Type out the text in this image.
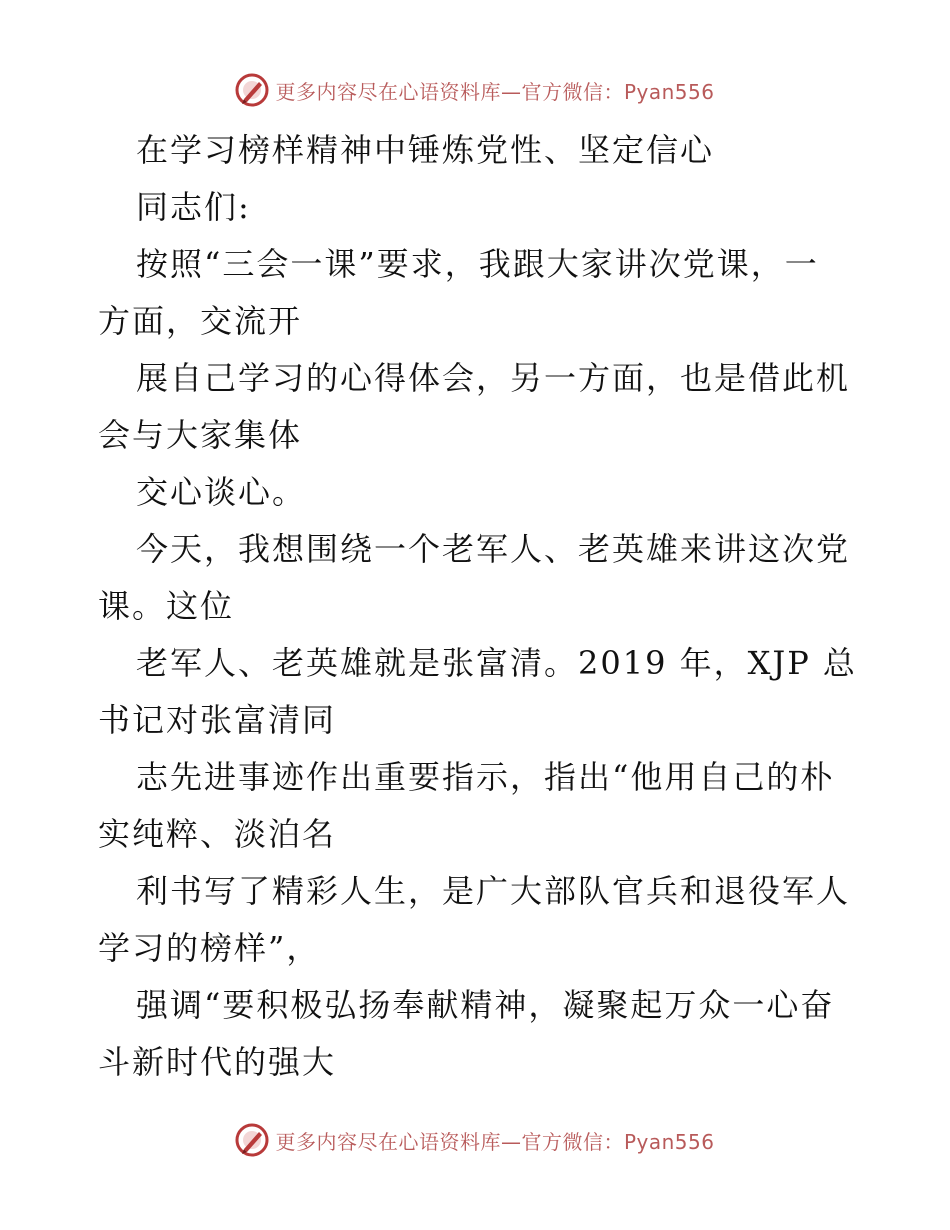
更多内容尽在心语资料库—官方微信：Pyan556
在学习榜样精神中锤炼党性、坚定信心
同志们:
按照“三会一课”要求，我跟大家讲次党课，一
方面，交流开
展自己学习的心得体会，另一方面，也是借此机
会与大家集体
交心谈心。
今天，我想围绕一个老军人、老英雄来讲这次党
课。这位
老军人、老英雄就是张富清。2019 年，XJP 总
书记对张富清同
志先进事迹作出重要指示，指出“他用自己的朴
实纯粹、淡泊名
利书写了精彩人生，是广大部队官兵和退役军人
学习的榜样”，
强调“要积极弘扬奉献精神，凝聚起万众一心奋
斗新时代的强大
更多内容尽在心语资料库—官方微信：Pyan556
